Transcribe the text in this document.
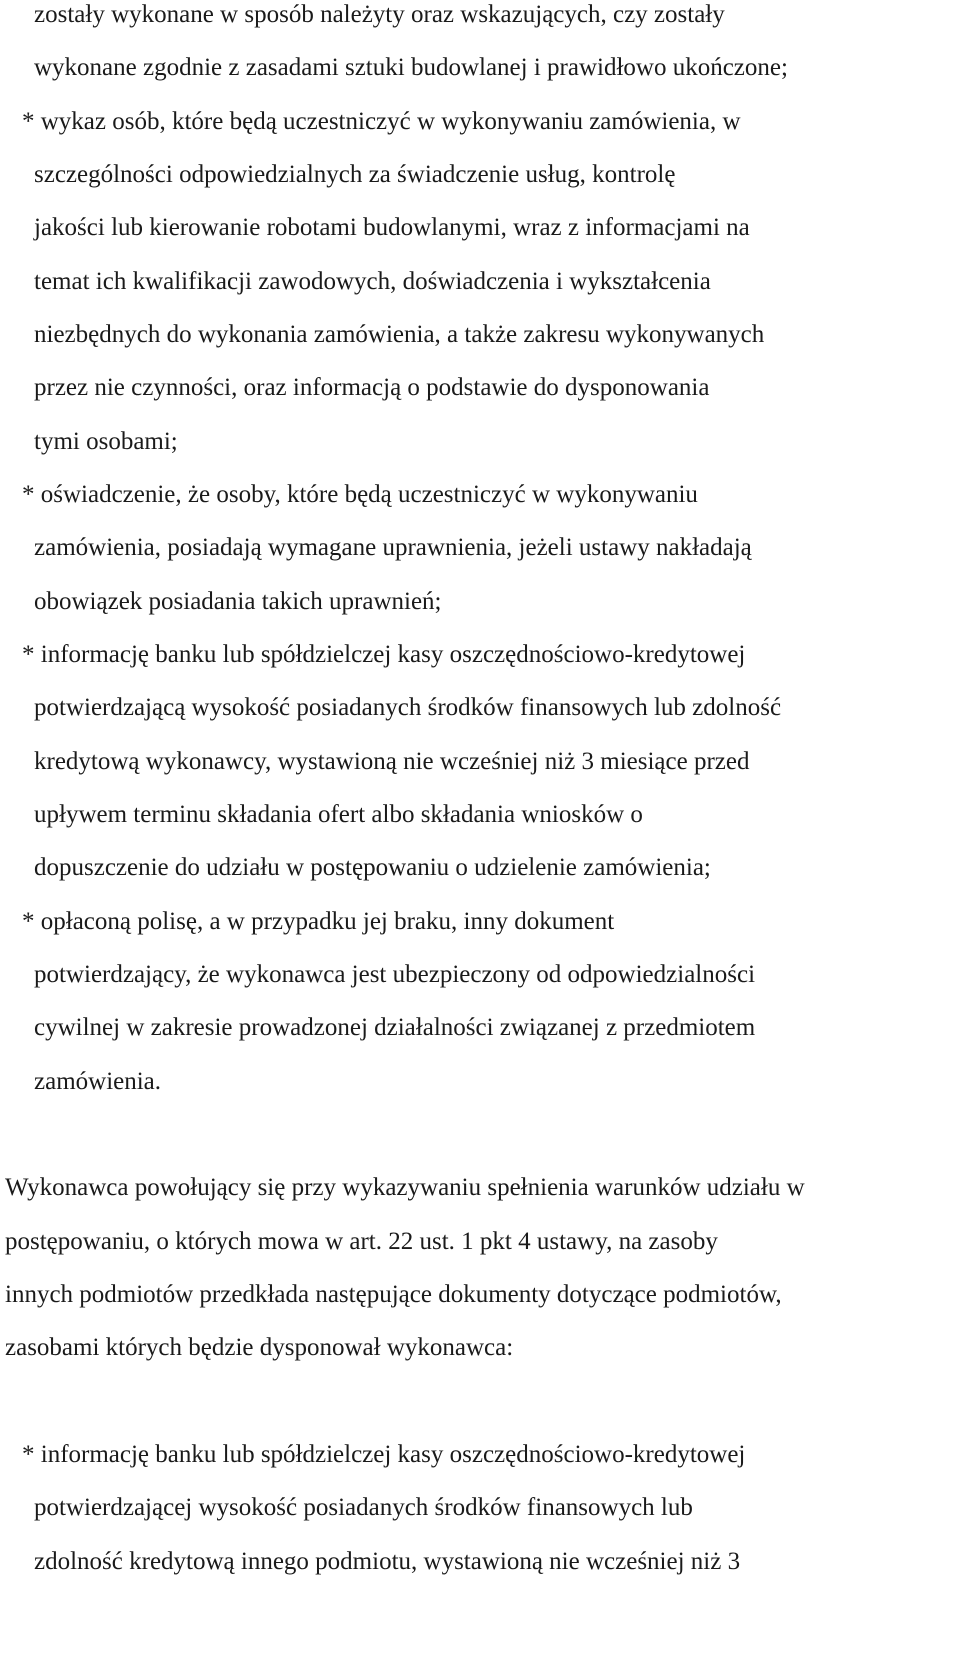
zostały wykonane w sposób należyty oraz wskazujących, czy zostały
wykonane zgodnie z zasadami sztuki budowlanej i prawidłowo ukończone;
* wykaz osób, które będą uczestniczyć w wykonywaniu zamówienia, w
szczególności odpowiedzialnych za świadczenie usług, kontrolę
jakości lub kierowanie robotami budowlanymi, wraz z informacjami na
temat ich kwalifikacji zawodowych, doświadczenia i wykształcenia
niezbędnych do wykonania zamówienia, a także zakresu wykonywanych
przez nie czynności, oraz informacją o podstawie do dysponowania
tymi osobami;
* oświadczenie, że osoby, które będą uczestniczyć w wykonywaniu
zamówienia, posiadają wymagane uprawnienia, jeżeli ustawy nakładają
obowiązek posiadania takich uprawnień;
* informację banku lub spółdzielczej kasy oszczędnościowo-kredytowej
potwierdzającą wysokość posiadanych środków finansowych lub zdolność
kredytową wykonawcy, wystawioną nie wcześniej niż 3 miesiące przed
upływem terminu składania ofert albo składania wniosków o
dopuszczenie do udziału w postępowaniu o udzielenie zamówienia;
* opłaconą polisę, a w przypadku jej braku, inny dokument
potwierdzający, że wykonawca jest ubezpieczony od odpowiedzialności
cywilnej w zakresie prowadzonej działalności związanej z przedmiotem
zamówienia.
Wykonawca powołujący się przy wykazywaniu spełnienia warunków udziału w
postępowaniu, o których mowa w art. 22 ust. 1 pkt 4 ustawy, na zasoby
innych podmiotów przedkłada następujące dokumenty dotyczące podmiotów,
zasobami których będzie dysponował wykonawca:
* informację banku lub spółdzielczej kasy oszczędnościowo-kredytowej
potwierdzającej wysokość posiadanych środków finansowych lub
zdolność kredytową innego podmiotu, wystawioną nie wcześniej niż 3
